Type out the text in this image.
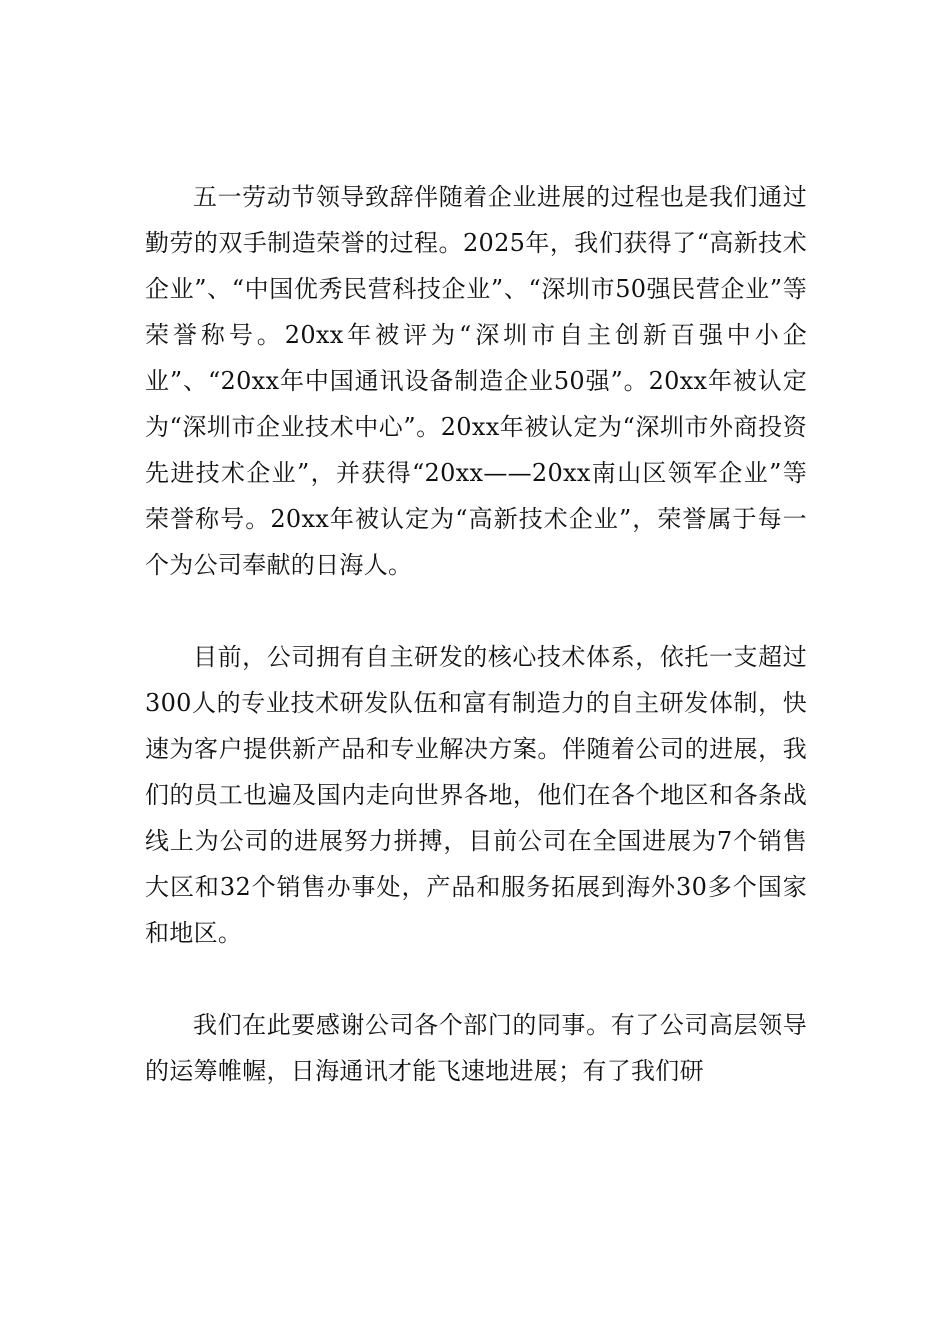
五一劳动节领导致辞伴随着企业进展的过程也是我们通过勤劳的双手制造荣誉的过程。2025年，我们获得了“高新技术企业”、“中国优秀民营科技企业”、“深圳市50强民营企业”等荣誉称号。20xx年被评为“深圳市自主创新百强中小企业”、“20xx年中国通讯设备制造企业50强”。20xx年被认定为“深圳市企业技术中心”。20xx年被认定为“深圳市外商投资先进技术企业”，并获得“20xx——20xx南山区领军企业”等荣誉称号。20xx年被认定为“高新技术企业”，荣誉属于每一个为公司奉献的日海人。

目前，公司拥有自主研发的核心技术体系，依托一支超过300人的专业技术研发队伍和富有制造力的自主研发体制，快速为客户提供新产品和专业解决方案。伴随着公司的进展，我们的员工也遍及国内走向世界各地，他们在各个地区和各条战线上为公司的进展努力拼搏，目前公司在全国进展为7个销售大区和32个销售办事处，产品和服务拓展到海外30多个国家和地区。

我们在此要感谢公司各个部门的同事。有了公司高层领导的运筹帷幄，日海通讯才能飞速地进展；有了我们研
